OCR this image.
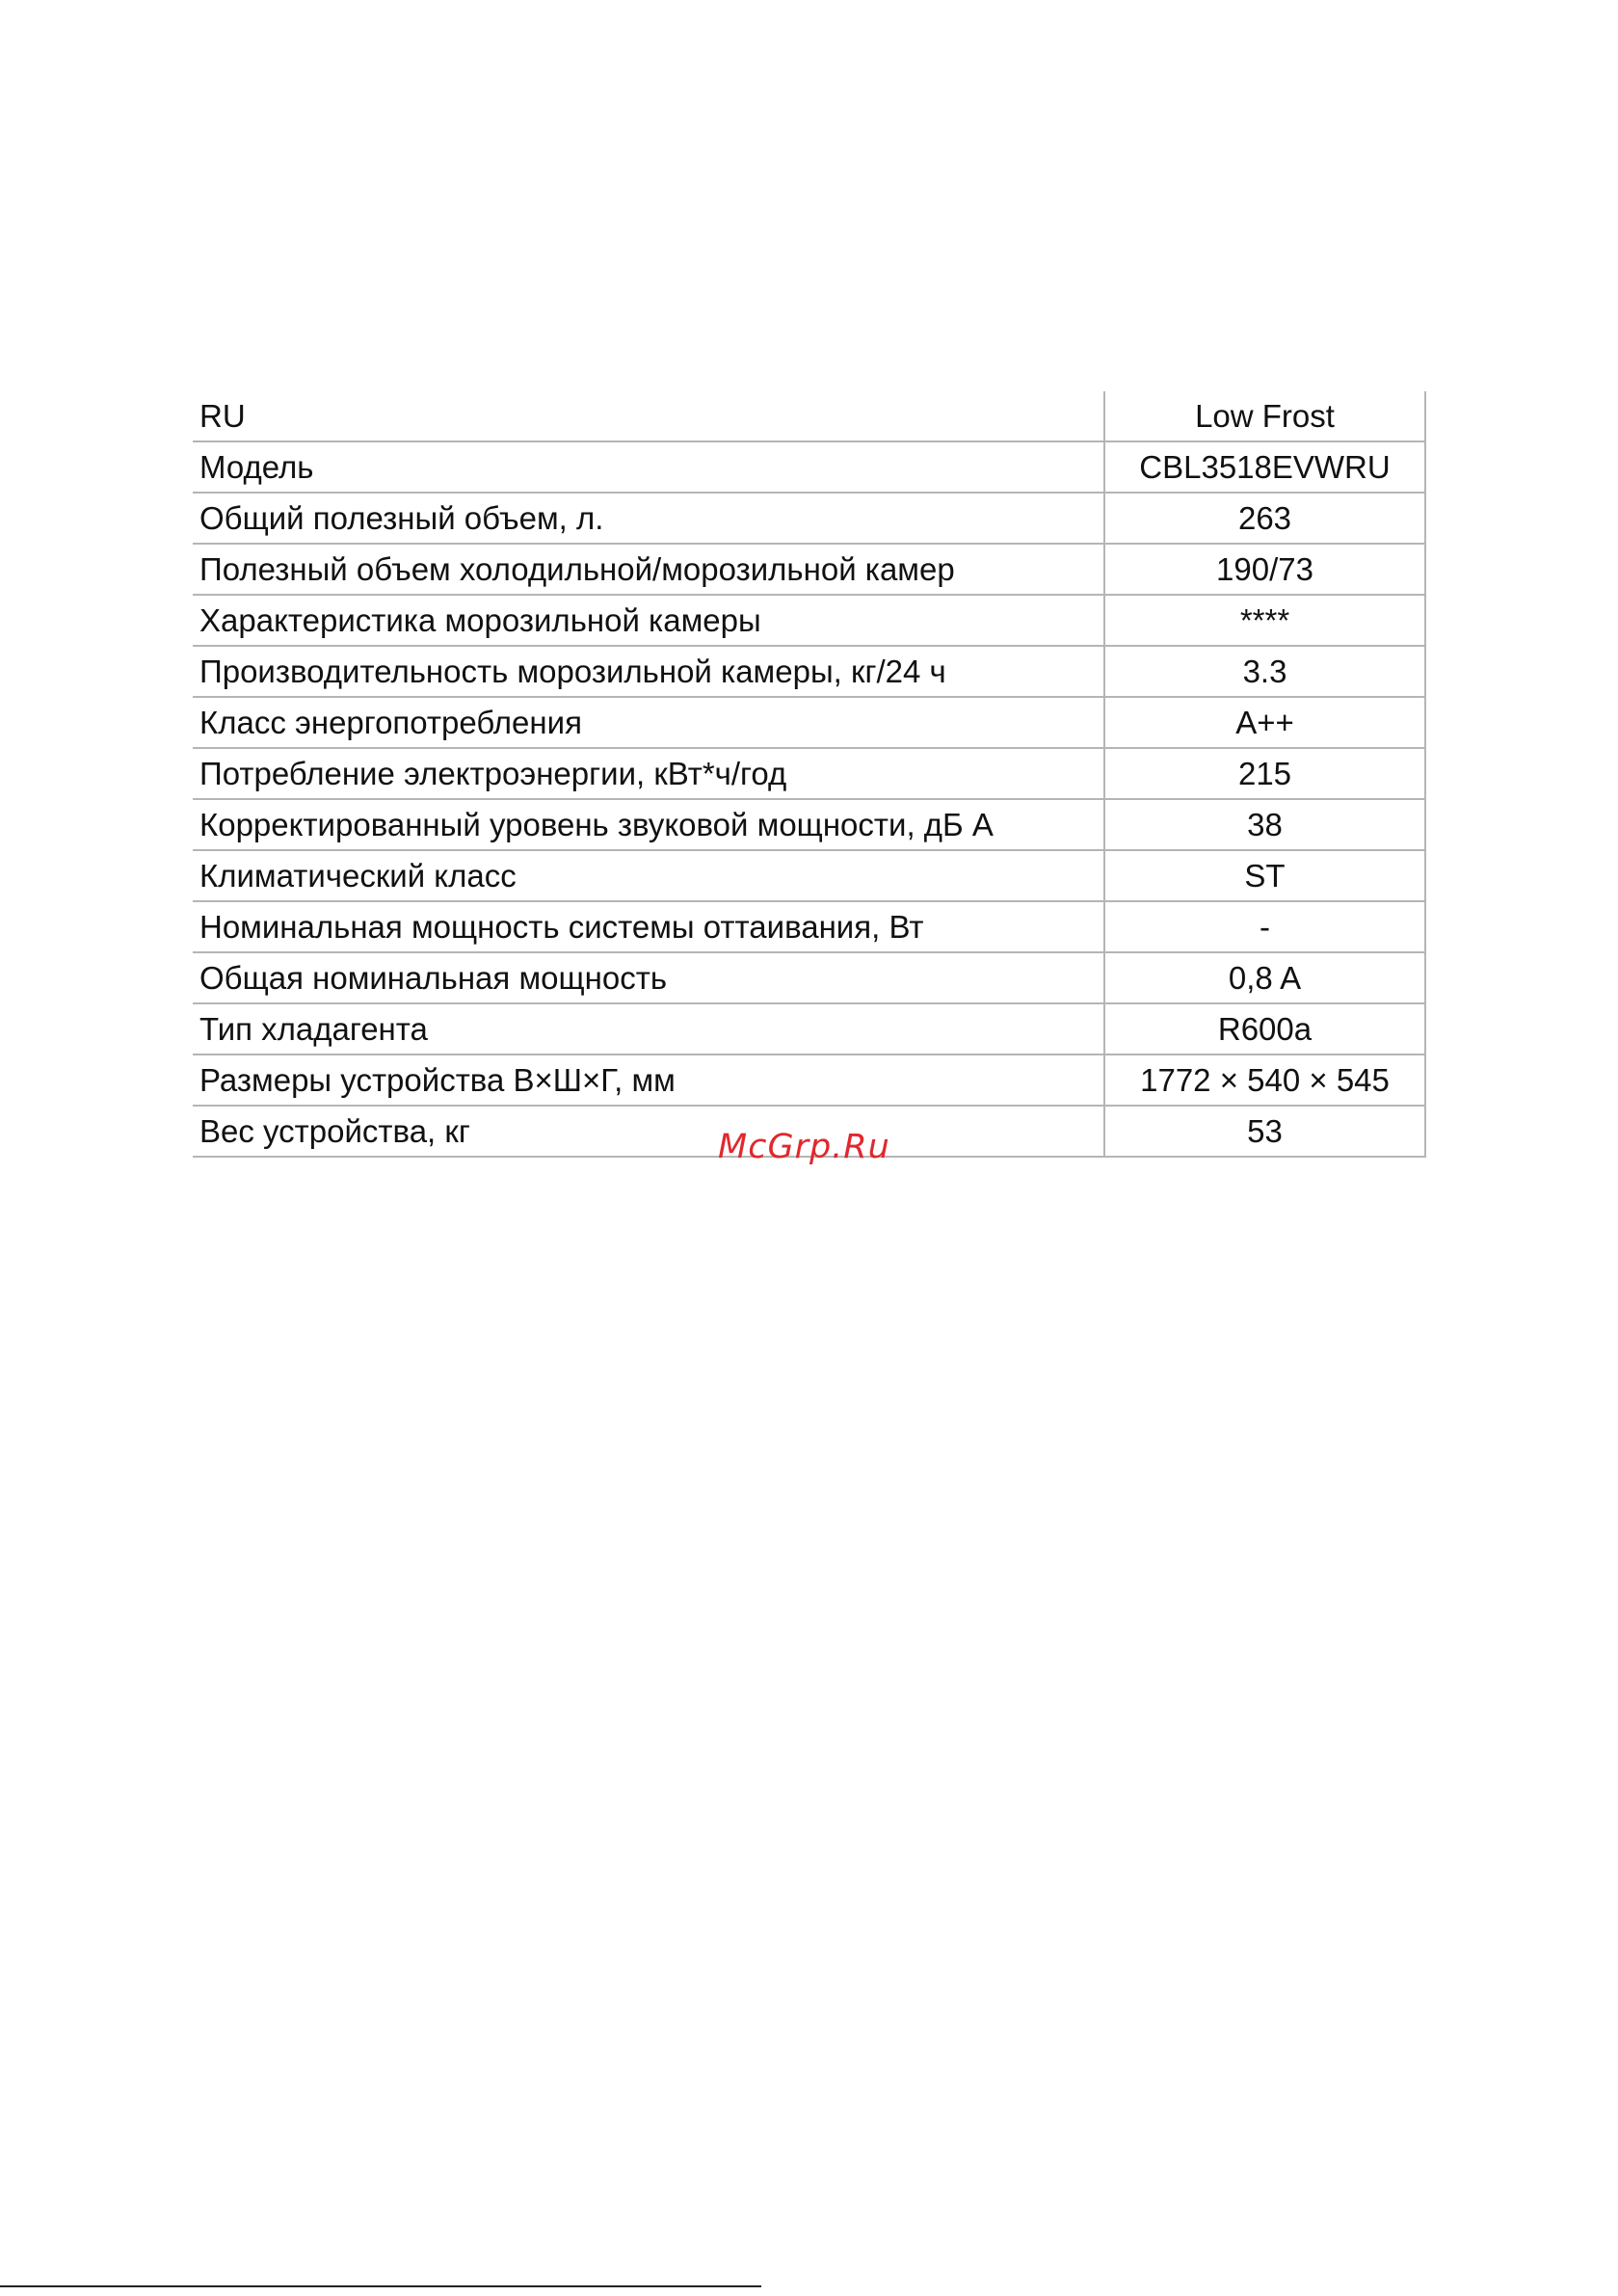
RU	Low Frost
Модель	CBL3518EVWRU
Общий полезный объем, л.	263
Полезный объем холодильной/морозильной камер	190/73
Характеристика морозильной камеры	****
Производительность морозильной камеры, кг/24 ч	3.3
Класс энергопотребления	A++
Потребление электроэнергии, кВт*ч/год	215
Корректированный уровень звуковой мощности, дБ А	38
Климатический класс	ST
Номинальная мощность системы оттаивания, Вт	-
Общая номинальная мощность	0,8 A
Тип хладагента	R600a
Размеры устройства В×Ш×Г, мм	1772 × 540 × 545
Вес устройства, кг	53
McGrp.Ru
